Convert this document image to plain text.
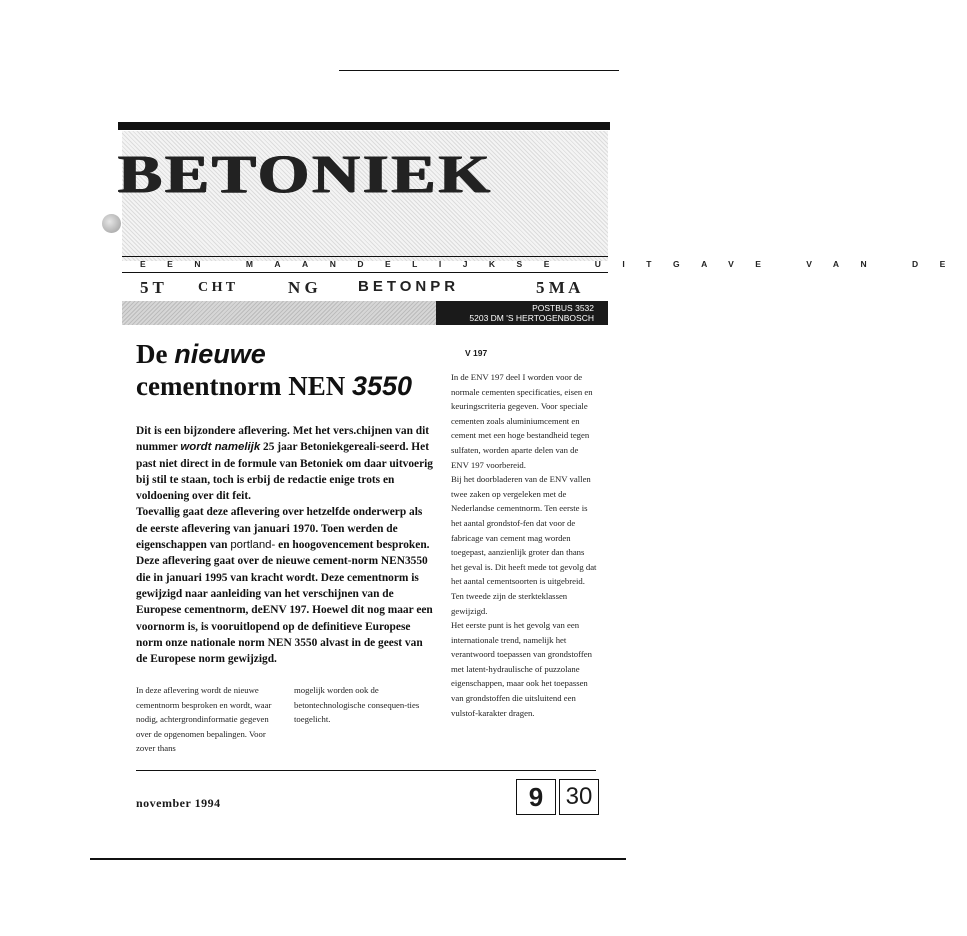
BETONIEK
EEN MAANDELIJKSE UITGAVE VAN DE
5 T C H T	N G	BETONPR	5 M A
POSTBUS 3532
5203 DM 'S HERTOGENBOSCH
De nieuwe
cementnorm NEN 3550
Dit is een bijzondere aflevering. Met het vers.chijnen van dit nummer wordt namelijk 25 jaar Betoniekgereali-seerd. Het past niet direct in de formule van Betoniek om daar uitvoerig bij stil te staan, toch is erbij de redactie enige trots en voldoening over dit feit.
Toevallig gaat deze aflevering over hetzelfde onderwerp als de eerste aflevering van januari 1970. Toen werden de eigenschappen van portland- en hoogovencement besproken. Deze aflevering gaat over de nieuwe cement-norm NEN3550 die in januari 1995 van kracht wordt. Deze cementnorm is gewijzigd naar aanleiding van het verschijnen van de Europese cementnorm, deENV 197. Hoewel dit nog maar een voornorm is, is vooruitlopend op de definitieve Europese norm onze nationale norm NEN 3550 alvast in de geest van de Europese norm gewijzigd.
In deze aflevering wordt de nieuwe cementnorm besproken en wordt, waar nodig, achtergrondinformatie gegeven over de opgenomen bepalingen. Voor zover thans
mogelijk worden ook de betontechnologische consequen-ties toegelicht.
V 197
In de ENV 197 deel I worden voor de normale cementen specificaties, eisen en keuringscriteria gegeven. Voor speciale cementen zoals aluminiumcement en cement met een hoge bestandheid tegen sulfaten, worden aparte delen van de ENV 197 voorbereid.
Bij het doorbladeren van de ENV vallen twee zaken op vergeleken met de Nederlandse cementnorm. Ten eerste is het aantal grondstof-fen dat voor de fabricage van cement mag worden toegepast, aanzienlijk groter dan thans het geval is. Dit heeft mede tot gevolg dat het aantal cementsoorten is uitgebreid. Ten tweede zijn de sterkteklassen gewijzigd.
Het eerste punt is het gevolg van een internationale trend, namelijk het verantwoord toepassen van grondstoffen met latent-hydraulische of puzzolane eigenschappen, maar ook het toepassen van grondstoffen die uitsluitend een vulstof-karakter dragen.
november 1994	9 30
